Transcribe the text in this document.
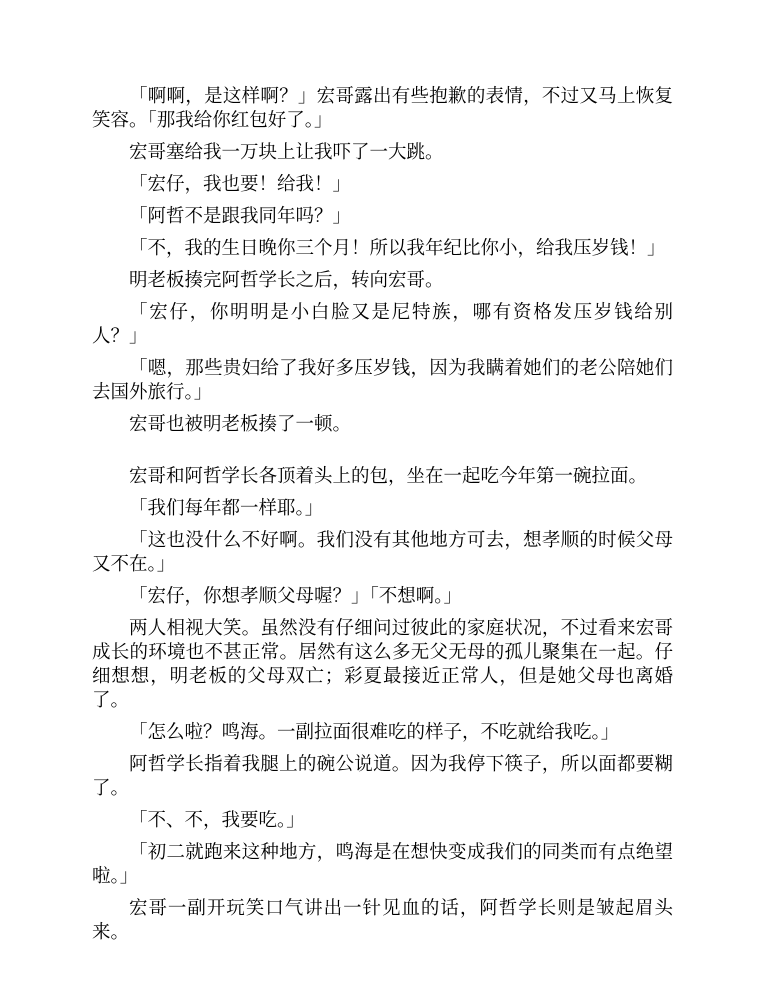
「啊啊，是这样啊？」宏哥露出有些抱歉的表情，不过又马上恢复笑容。「那我给你红包好了。」

宏哥塞给我一万块上让我吓了一大跳。

「宏仔，我也要！给我！」

「阿哲不是跟我同年吗？」

「不，我的生日晚你三个月！所以我年纪比你小，给我压岁钱！」

明老板揍完阿哲学长之后，转向宏哥。

「宏仔，你明明是小白脸又是尼特族，哪有资格发压岁钱给别人？」

「嗯，那些贵妇给了我好多压岁钱，因为我瞒着她们的老公陪她们去国外旅行。」

宏哥也被明老板揍了一顿。

宏哥和阿哲学长各顶着头上的包，坐在一起吃今年第一碗拉面。

「我们每年都一样耶。」

「这也没什么不好啊。我们没有其他地方可去，想孝顺的时候父母又不在。」

「宏仔，你想孝顺父母喔？」「不想啊。」

两人相视大笑。虽然没有仔细问过彼此的家庭状况，不过看来宏哥成长的环境也不甚正常。居然有这么多无父无母的孤儿聚集在一起。仔细想想，明老板的父母双亡；彩夏最接近正常人，但是她父母也离婚了。

「怎么啦？鸣海。一副拉面很难吃的样子，不吃就给我吃。」

阿哲学长指着我腿上的碗公说道。因为我停下筷子，所以面都要糊了。

「不、不，我要吃。」

「初二就跑来这种地方，鸣海是在想快变成我们的同类而有点绝望啦。」

宏哥一副开玩笑口气讲出一针见血的话，阿哲学长则是皱起眉头来。
